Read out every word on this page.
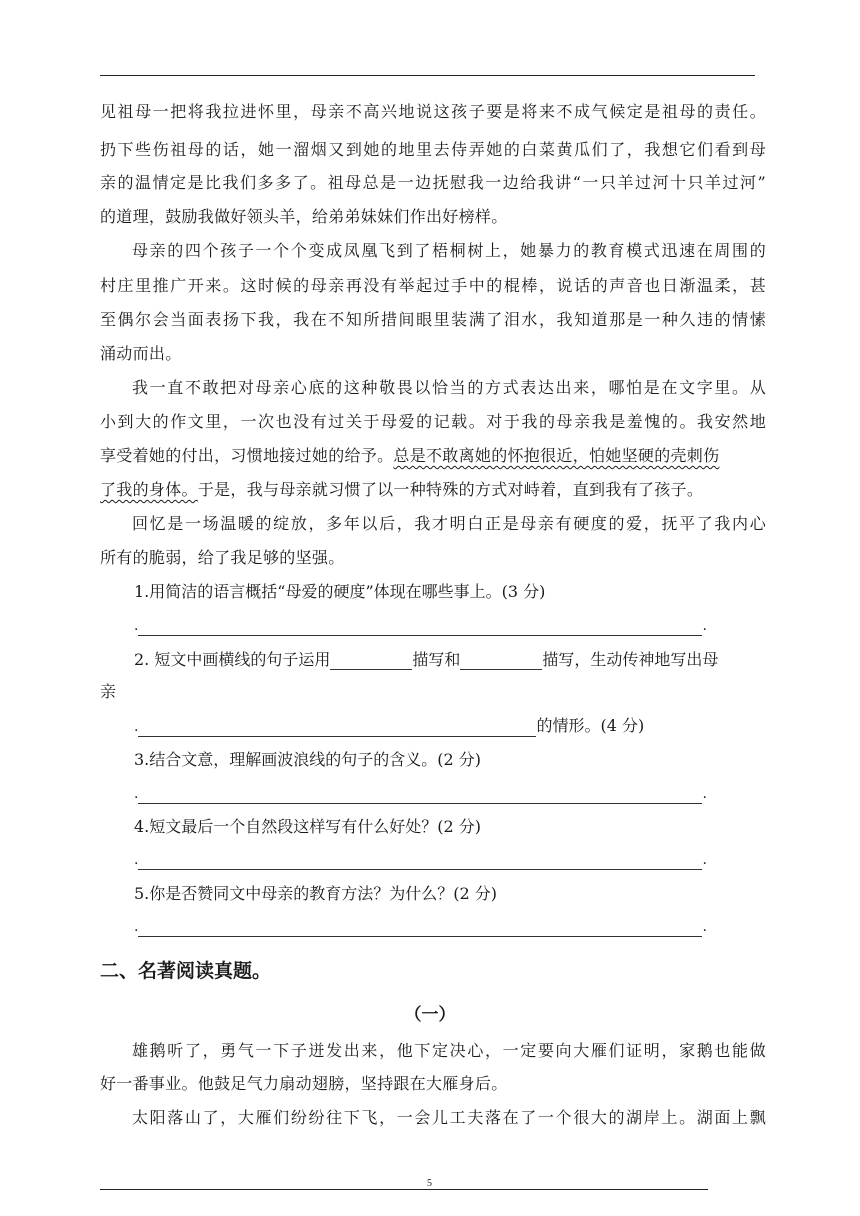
见祖母一把将我拉进怀里，母亲不高兴地说这孩子要是将来不成气候定是祖母的责任。
扔下些伤祖母的话，她一溜烟又到她的地里去侍弄她的白菜黄瓜们了，我想它们看到母
亲的温情定是比我们多多了。祖母总是一边抚慰我一边给我讲“一只羊过河十只羊过河”
的道理，鼓励我做好领头羊，给弟弟妹妹们作出好榜样。
母亲的四个孩子一个个变成凤凰飞到了梧桐树上，她暴力的教育模式迅速在周围的
村庄里推广开来。这时候的母亲再没有举起过手中的棍棒，说话的声音也日渐温柔，甚
至偶尔会当面表扬下我，我在不知所措间眼里装满了泪水，我知道那是一种久违的情愫
涌动而出。
我一直不敢把对母亲心底的这种敬畏以恰当的方式表达出来，哪怕是在文字里。从
小到大的作文里，一次也没有过关于母爱的记载。对于我的母亲我是羞愧的。我安然地
享受着她的付出，习惯地接过她的给予。总是不敢离她的怀抱很近，怕她坚硬的壳刺伤
了我的身体。于是，我与母亲就习惯了以一种特殊的方式对峙着，直到我有了孩子。
回忆是一场温暖的绽放，多年以后，我才明白正是母亲有硬度的爱，抚平了我内心
所有的脆弱，给了我足够的坚强。
1.用简洁的语言概括“母爱的硬度”体现在哪些事上。(3 分)
.	.
2. 短文中画横线的句子运用	描写和	描写，生动传神地写出母
亲
.	的情形。(4 分)
3.结合文意，理解画波浪线的句子的含义。(2 分)
.	.
4.短文最后一个自然段这样写有什么好处？(2 分)
.	.
5.你是否赞同文中母亲的教育方法？为什么？(2 分)
.	.
二、名著阅读真题。
（一）
雄鹅听了，勇气一下子迸发出来，他下定决心，一定要向大雁们证明，家鹅也能做
好一番事业。他鼓足气力扇动翅膀，坚持跟在大雁身后。
太阳落山了，大雁们纷纷往下飞，一会儿工夫落在了一个很大的湖岸上。湖面上飘
5
